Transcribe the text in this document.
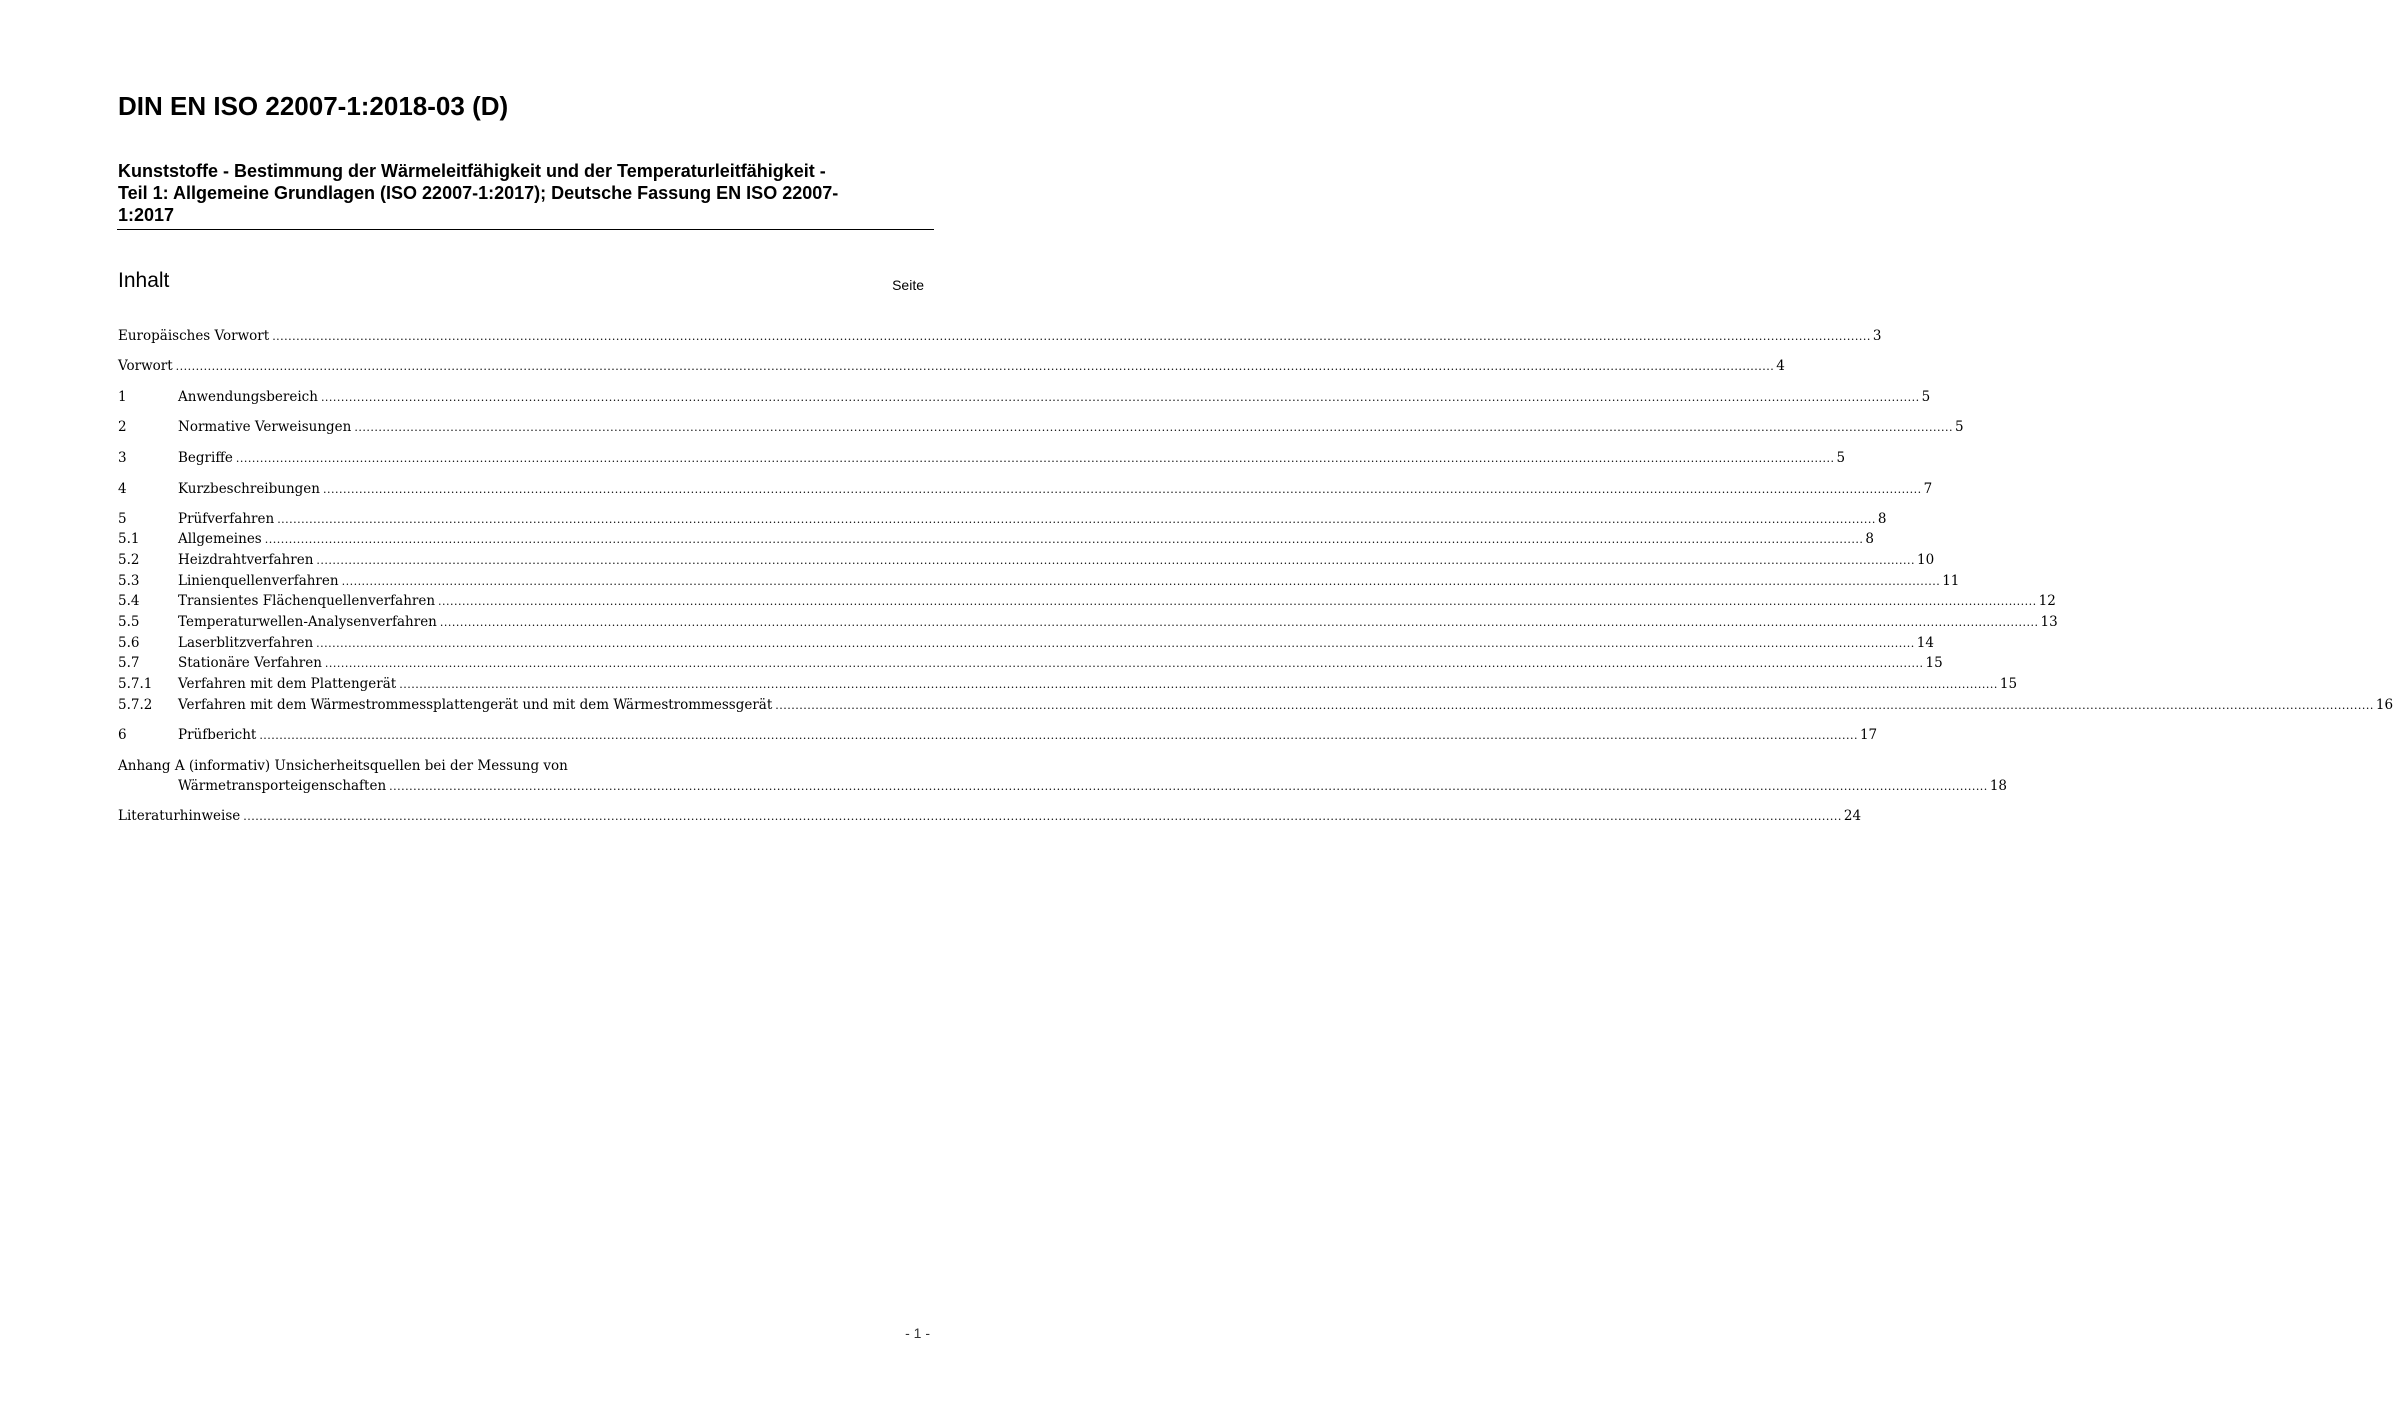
DIN EN ISO 22007-1:2018-03 (D)
Kunststoffe - Bestimmung der Wärmeleitfähigkeit und der Temperaturleitfähigkeit -
Teil 1: Allgemeine Grundlagen (ISO 22007-1:2017); Deutsche Fassung EN ISO 22007-
1:2017
Inhalt	Seite
Europäisches Vorwort ................................................................................................................................................................................................................................................................................................................................................................................................................ 3
Vorwort ................................................................................................................................................................................................................................................................................................................................................................................................................ 4
1	Anwendungsbereich ................................................................................................................................................................................................................................................................................................................................................................................................................ 5
2	Normative Verweisungen ................................................................................................................................................................................................................................................................................................................................................................................................................ 5
3	Begriffe ................................................................................................................................................................................................................................................................................................................................................................................................................ 5
4	Kurzbeschreibungen ................................................................................................................................................................................................................................................................................................................................................................................................................ 7
5	Prüfverfahren ................................................................................................................................................................................................................................................................................................................................................................................................................ 8
5.1	Allgemeines ................................................................................................................................................................................................................................................................................................................................................................................................................ 8
5.2	Heizdrahtverfahren ................................................................................................................................................................................................................................................................................................................................................................................................................ 10
5.3	Linienquellenverfahren ................................................................................................................................................................................................................................................................................................................................................................................................................ 11
5.4	Transientes Flächenquellenverfahren ................................................................................................................................................................................................................................................................................................................................................................................................................ 12
5.5	Temperaturwellen-Analysenverfahren ................................................................................................................................................................................................................................................................................................................................................................................................................ 13
5.6	Laserblitzverfahren ................................................................................................................................................................................................................................................................................................................................................................................................................ 14
5.7	Stationäre Verfahren ................................................................................................................................................................................................................................................................................................................................................................................................................ 15
5.7.1	Verfahren mit dem Plattengerät ................................................................................................................................................................................................................................................................................................................................................................................................................ 15
5.7.2	Verfahren mit dem Wärmestrommessplattengerät und mit dem Wärmestrommessgerät ................................................................................................................................................................................................................................................................................................................................................................................................................ 16
6	Prüfbericht ................................................................................................................................................................................................................................................................................................................................................................................................................ 17
Anhang A (informativ) Unsicherheitsquellen bei der Messung von
Wärmetransporteigenschaften ................................................................................................................................................................................................................................................................................................................................................................................................................ 18
Literaturhinweise ................................................................................................................................................................................................................................................................................................................................................................................................................ 24
- 1 -
